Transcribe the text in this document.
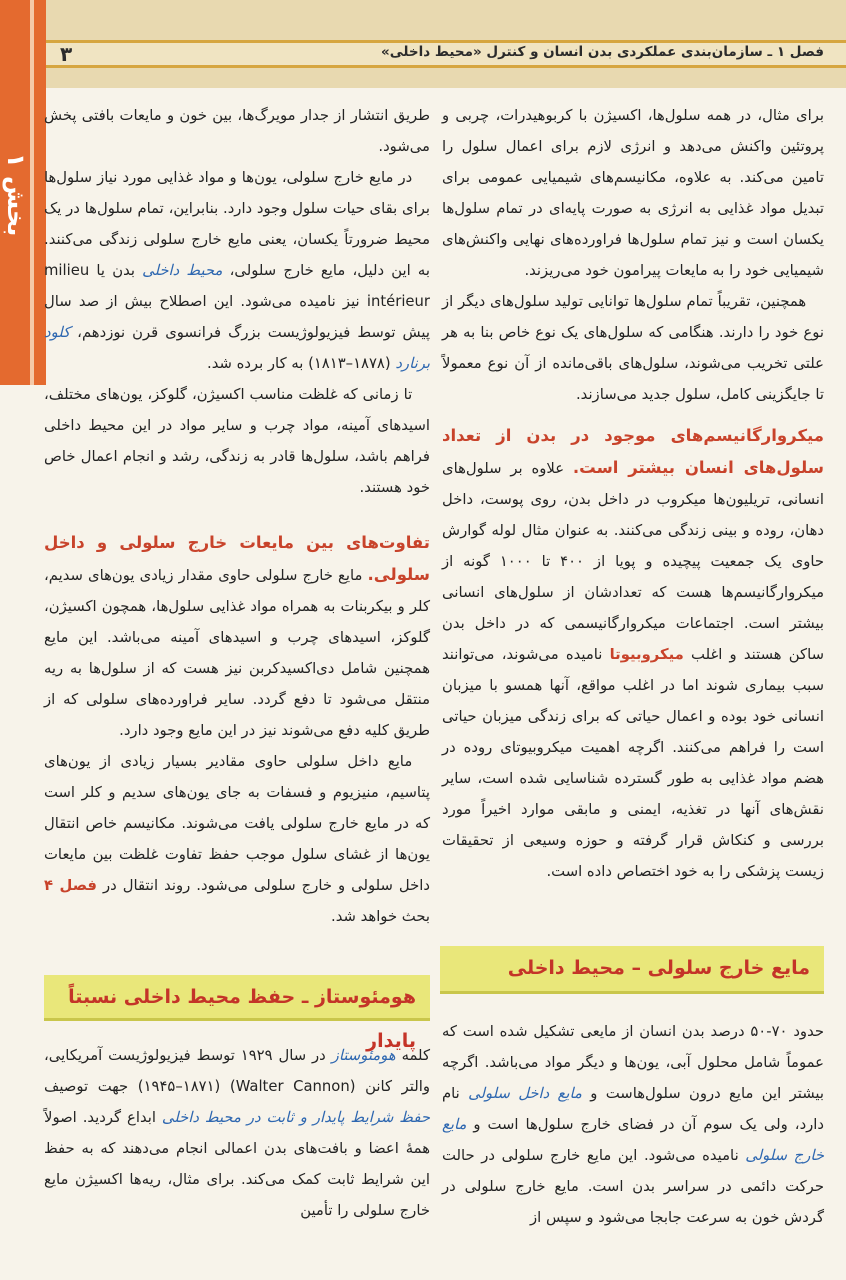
بخش ۱
فصل ۱ ـ سازمان‌بندی عملکردی بدن انسان و کنترل «محیط داخلی»
۳

برای مثال، در همه سلول‌ها، اکسیژن با کربوهیدرات، چربی و پروتئین واکنش می‌دهد و انرژی لازم برای اعمال سلول را تامین می‌کند. به علاوه، مکانیسم‌های شیمیایی عمومی برای تبدیل مواد غذایی به انرژی به صورت پایه‌ای در تمام سلول‌ها یکسان است و نیز تمام سلول‌ها فراورده‌های نهایی واکنش‌های شیمیایی خود را به مایعات پیرامون خود می‌ریزند.

همچنین، تقریباً تمام سلول‌ها توانایی تولید سلول‌های دیگر از نوع خود را دارند. هنگامی که سلول‌های یک نوع خاص بنا به هر علتی تخریب می‌شوند، سلول‌های باقی‌مانده از آن نوع معمولاً تا جایگزینی کامل، سلول جدید می‌سازند.

میکروارگانیسم‌های موجود در بدن از تعداد سلول‌های انسان بیشتر است. علاوه بر سلول‌های انسانی، تریلیون‌ها میکروب در داخل بدن، روی پوست، داخل دهان، روده و بینی زندگی می‌کنند. به عنوان مثال لوله گوارش حاوی یک جمعیت پیچیده و پویا از ۴۰۰ تا ۱۰۰۰ گونه از میکروارگانیسم‌ها هست که تعدادشان از سلول‌های انسانی بیشتر است. اجتماعات میکروارگانیسمی که در داخل بدن ساکن هستند و اغلب میکروبیوتا نامیده می‌شوند، می‌توانند سبب بیماری شوند اما در اغلب مواقع، آنها همسو با میزبان انسانی خود بوده و اعمال حیاتی که برای زندگی میزبان حیاتی است را فراهم می‌کنند. اگرچه اهمیت میکروبیوتای روده در هضم مواد غذایی به طور گسترده شناسایی شده است، سایر نقش‌های آنها در تغذیه، ایمنی و مابقی موارد اخیراً مورد بررسی و کنکاش قرار گرفته و حوزه وسیعی از تحقیقات زیست پزشکی را به خود اختصاص داده است.

مایع خارج سلولی – محیط داخلی

حدود ۷۰-۵۰ درصد بدن انسان از مایعی تشکیل شده است که عموماً شامل محلول آبی، یون‌ها و دیگر مواد می‌باشد. اگرچه بیشتر این مایع درون سلول‌هاست و مایع داخل سلولی نام دارد، ولی یک سوم آن در فضای خارج سلول‌ها است و مایع خارج سلولی نامیده می‌شود. این مایع خارج سلولی در حالت حرکت دائمی در سراسر بدن است. مایع خارج سلولی در گردش خون به سرعت جابجا می‌شود و سپس از

طریق انتشار از جدار مویرگ‌ها، بین خون و مایعات بافتی پخش می‌شود.

در مایع خارج سلولی، یون‌ها و مواد غذایی مورد نیاز سلول‌ها برای بقای حیات سلول وجود دارد. بنابراین، تمام سلول‌ها در یک محیط ضرورتاً یکسان، یعنی مایع خارج سلولی زندگی می‌کنند. به این دلیل، مایع خارج سلولی، محیط داخلی بدن یا milieu intérieur نیز نامیده می‌شود. این اصطلاح بیش از صد سال پیش توسط فیزیولوژیست بزرگ فرانسوی قرن نوزدهم، کلود برنارد (۱۸۷۸–۱۸۱۳) به کار برده شد.

تا زمانی که غلظت مناسب اکسیژن، گلوکز، یون‌های مختلف، اسیدهای آمینه، مواد چرب و سایر مواد در این محیط داخلی فراهم باشد، سلول‌ها قادر به زندگی، رشد و انجام اعمال خاص خود هستند.

تفاوت‌های بین مایعات خارج سلولی و داخل سلولی. مایع خارج سلولی حاوی مقدار زیادی یون‌های سدیم، کلر و بیکربنات به همراه مواد غذایی سلول‌ها، همچون اکسیژن، گلوکز، اسیدهای چرب و اسیدهای آمینه می‌باشد. این مایع همچنین شامل دی‌اکسیدکربن نیز هست که از سلول‌ها به ریه منتقل می‌شود تا دفع گردد. سایر فراورده‌های سلولی که از طریق کلیه دفع می‌شوند نیز در این مایع وجود دارد.

مایع داخل سلولی حاوی مقادیر بسیار زیادی از یون‌های پتاسیم، منیزیوم و فسفات به جای یون‌های سدیم و کلر است که در مایع خارج سلولی یافت می‌شوند. مکانیسم خاص انتقال یون‌ها از غشای سلول موجب حفظ تفاوت غلظت بین مایعات داخل سلولی و خارج سلولی می‌شود. روند انتقال در فصل ۴ بحث خواهد شد.

هومئوستاز ـ حفظ محیط داخلی نسبتاً پایدار

کلمه هومئوستاز در سال ۱۹۲۹ توسط فیزیولوژیست آمریکایی، والتر کانن (Walter Cannon) (۱۹۴۵–۱۸۷۱) جهت توصیف حفظ شرایط پایدار و ثابت در محیط داخلی ابداع گردید. اصولاً همهٔ اعضا و بافت‌های بدن اعمالی انجام می‌دهند که به حفظ این شرایط ثابت کمک می‌کند. برای مثال، ریه‌ها اکسیژن مایع خارج سلولی را تأمین
